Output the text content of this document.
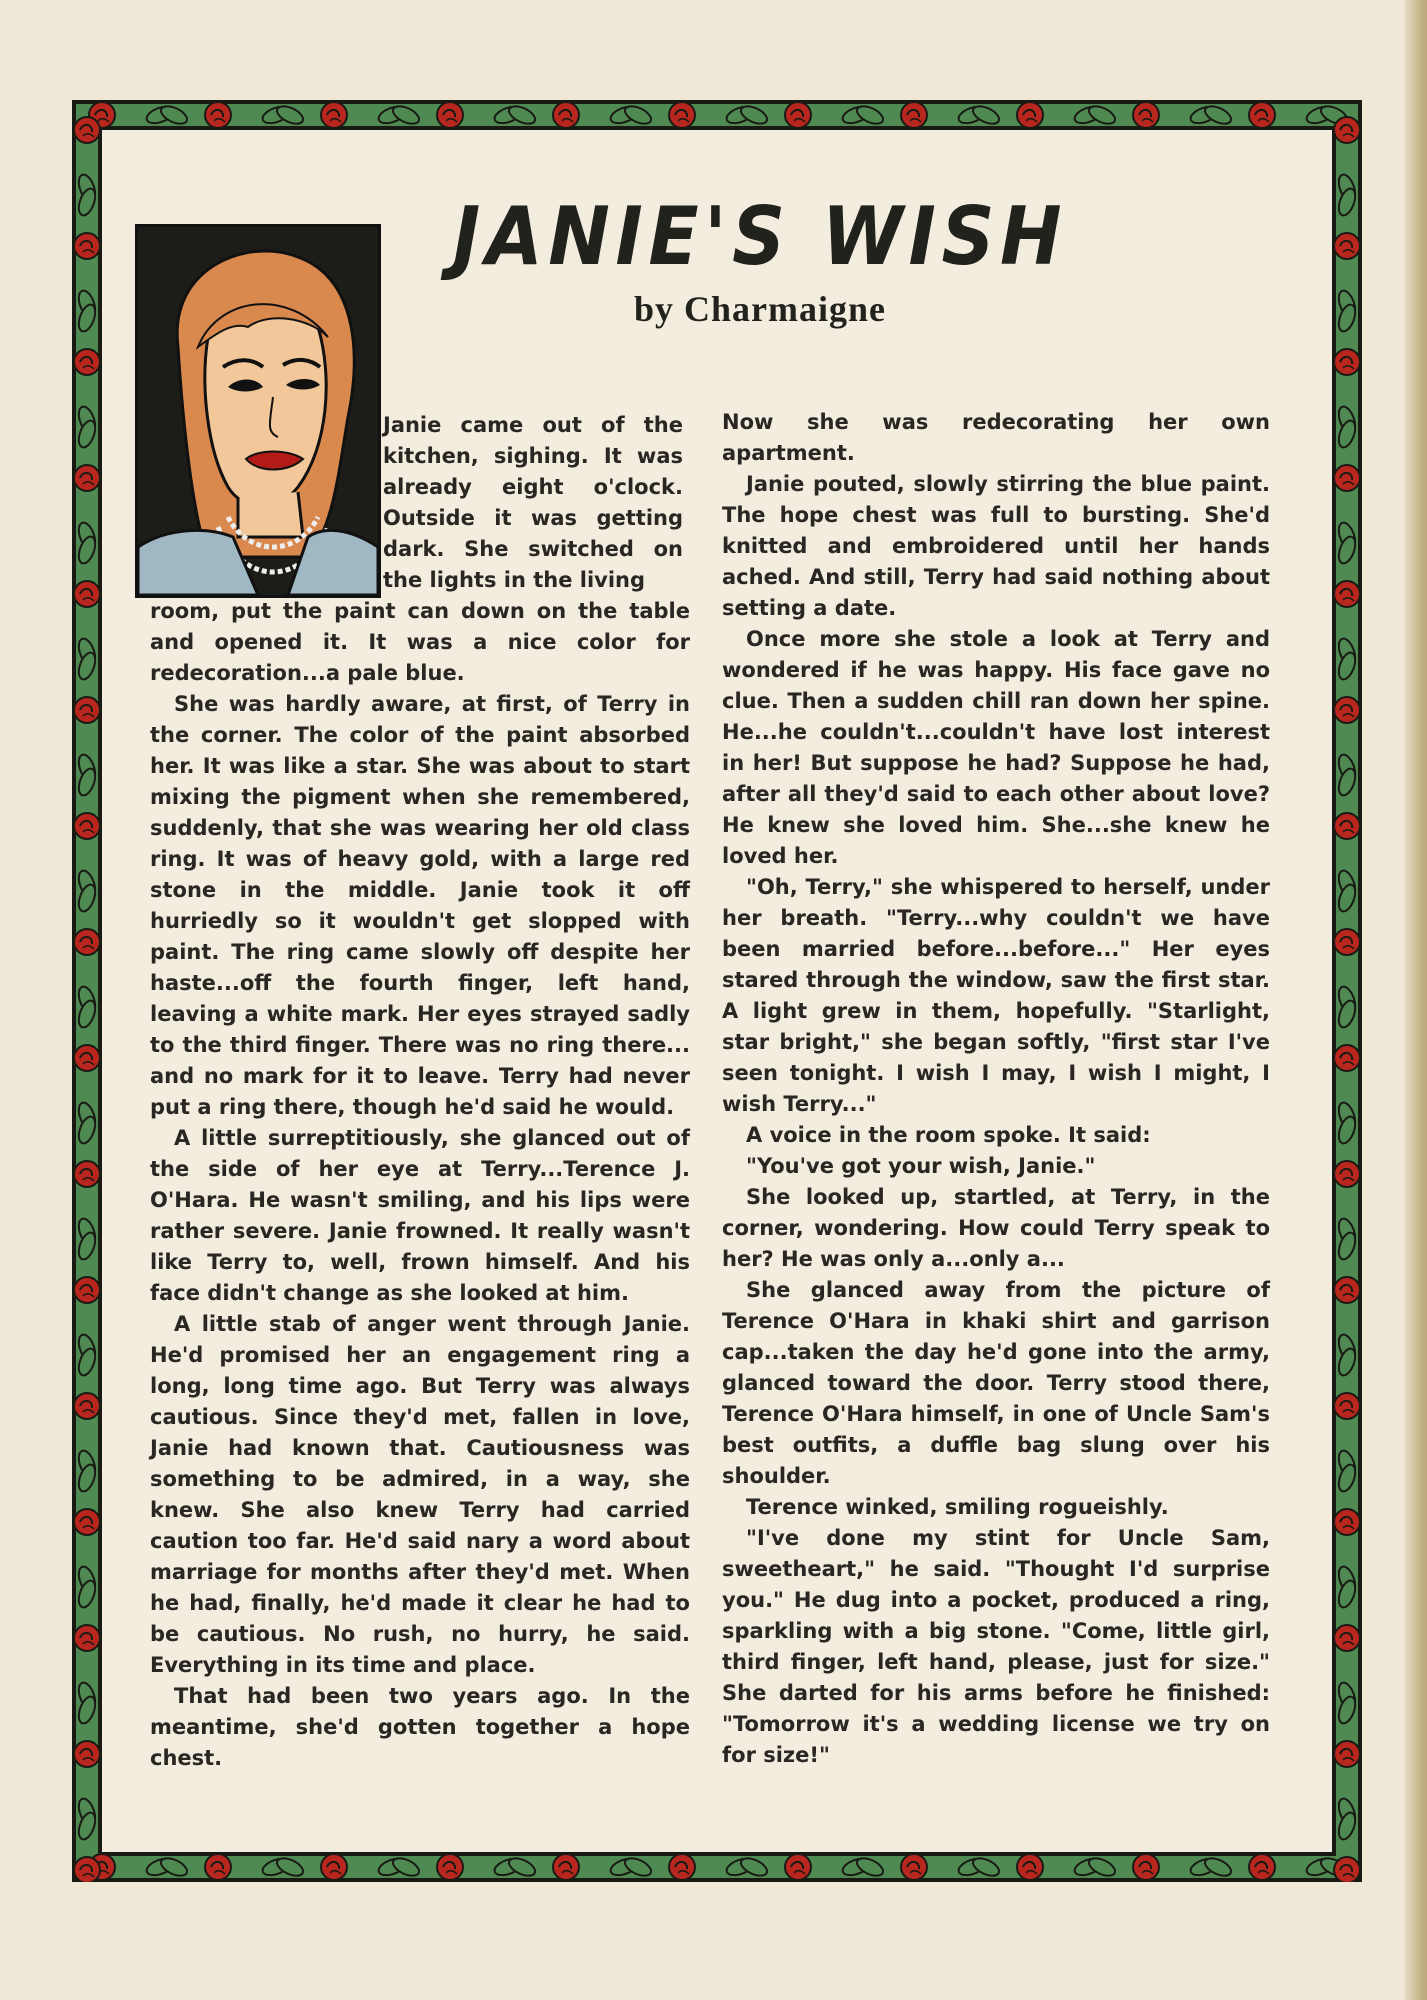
JANIE'S WISH
by Charmaigne

Janie came out of the kitchen, sighing. It was already eight o'clock. Outside it was getting dark. She switched on the lights in the living

room, put the paint can down on the table and opened it. It was a nice color for redecoration...a pale blue.

She was hardly aware, at first, of Terry in the corner. The color of the paint absorbed her. It was like a star. She was about to start mixing the pigment when she remembered, suddenly, that she was wearing her old class ring. It was of heavy gold, with a large red stone in the middle. Janie took it off hurriedly so it wouldn't get slopped with paint. The ring came slowly off despite her haste...off the fourth finger, left hand, leaving a white mark. Her eyes strayed sadly to the third finger. There was no ring there... and no mark for it to leave. Terry had never put a ring there, though he'd said he would.

A little surreptitiously, she glanced out of the side of her eye at Terry...Terence J. O'Hara. He wasn't smiling, and his lips were rather severe. Janie frowned. It really wasn't like Terry to, well, frown himself. And his face didn't change as she looked at him.

A little stab of anger went through Janie. He'd promised her an engagement ring a long, long time ago. But Terry was always cautious. Since they'd met, fallen in love, Janie had known that. Cautiousness was something to be admired, in a way, she knew. She also knew Terry had carried caution too far. He'd said nary a word about marriage for months after they'd met. When he had, finally, he'd made it clear he had to be cautious. No rush, no hurry, he said. Everything in its time and place.

That had been two years ago. In the meantime, she'd gotten together a hope chest.

Now she was redecorating her own apartment.

Janie pouted, slowly stirring the blue paint. The hope chest was full to bursting. She'd knitted and embroidered until her hands ached. And still, Terry had said nothing about setting a date.

Once more she stole a look at Terry and wondered if he was happy. His face gave no clue. Then a sudden chill ran down her spine. He...he couldn't...couldn't have lost interest in her! But suppose he had? Suppose he had, after all they'd said to each other about love? He knew she loved him. She...she knew he loved her.

"Oh, Terry," she whispered to herself, under her breath. "Terry...why couldn't we have been married before...before..." Her eyes stared through the window, saw the first star. A light grew in them, hopefully. "Starlight, star bright," she began softly, "first star I've seen tonight. I wish I may, I wish I might, I wish Terry..."

A voice in the room spoke. It said:

"You've got your wish, Janie."

She looked up, startled, at Terry, in the corner, wondering. How could Terry speak to her? He was only a...only a...

She glanced away from the picture of Terence O'Hara in khaki shirt and garrison cap...taken the day he'd gone into the army, glanced toward the door. Terry stood there, Terence O'Hara himself, in one of Uncle Sam's best outfits, a duffle bag slung over his shoulder.

Terence winked, smiling rogueishly.

"I've done my stint for Uncle Sam, sweetheart," he said. "Thought I'd surprise you." He dug into a pocket, produced a ring, sparkling with a big stone. "Come, little girl, third finger, left hand, please, just for size." She darted for his arms before he finished: "Tomorrow it's a wedding license we try on for size!"
